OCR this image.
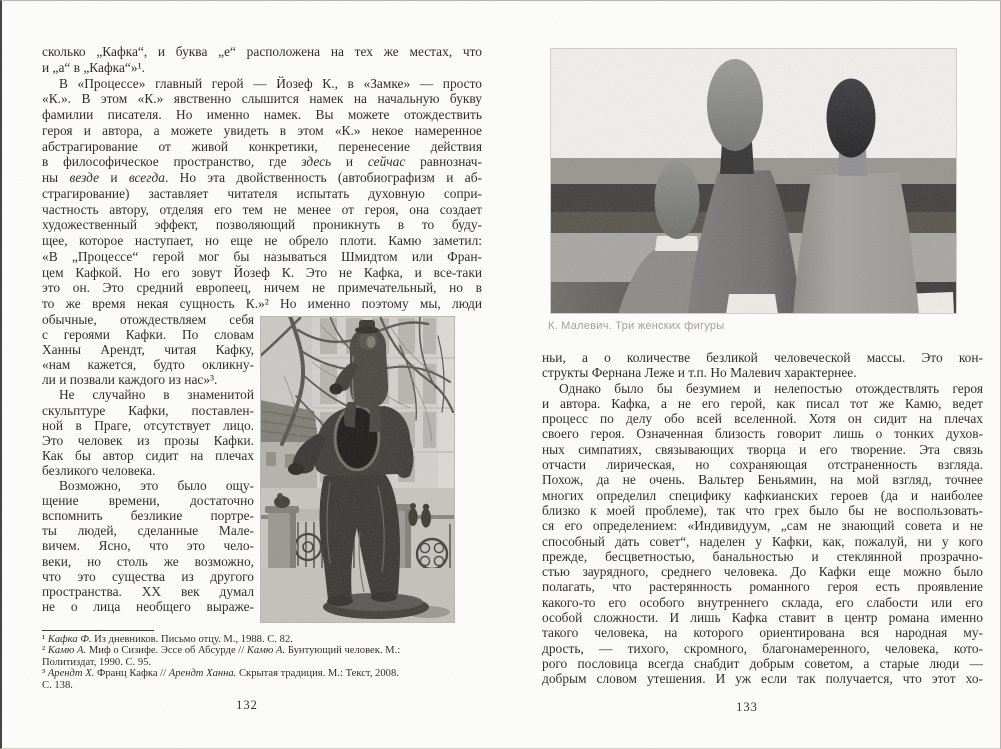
сколько „Кафка“, и буква „е“ расположена на тех же местах, что
и „а“ в „Кафка“»¹.
В «Процессе» главный герой — Йозеф К., в «Замке» — просто
«К.». В этом «К.» явственно слышится намек на начальную букву
фамилии писателя. Но именно намек. Вы можете отождествить
героя и автора, а можете увидеть в этом «К.» некое намеренное
абстрагирование от живой конкретики, перенесение действия
в философическое пространство, где здесь и сейчас равнознач-
ны везде и всегда. Но эта двойственность (автобиографизм и аб-
страгирование) заставляет читателя испытать духовную сопри-
частность автору, отделяя его тем не менее от героя, она создает
художественный эффект, позволяющий проникнуть в то буду-
щее, которое наступает, но еще не обрело плоти. Камю заметил:
«В „Процессе“ герой мог бы называться Шмидтом или Фран-
цем Кафкой. Но его зовут Йозеф К. Это не Кафка, и все-таки
это он. Это средний европеец, ничем не примечательный, но в
то же время некая сущность К.»² Но именно поэтому мы, люди
обычные, отождествляем себя
с героями Кафки. По словам
Ханны Арендт, читая Кафку,
«нам кажется, будто окликну-
ли и позвали каждого из нас»³.
Не случайно в знаменитой
скульптуре Кафки, поставлен-
ной в Праге, отсутствует лицо.
Это человек из прозы Кафки.
Как бы автор сидит на плечах
безликого человека.
Возможно, это было ощу-
щение времени, достаточно
вспомнить безликие портре-
ты людей, сделанные Мале-
вичем. Ясно, что это чело-
веки, но столь же возможно,
что это существа из другого
пространства. XX век думал
не о лица необщего выраже-
¹ Кафка Ф. Из дневников. Письмо отцу. М., 1988. С. 82.
² Камю А. Миф о Сизифе. Эссе об Абсурде // Камю А. Бунтующий человек. М.:
Политиздат, 1990. С. 95.
³ Арендт Х. Франц Кафка // Арендт Ханна. Скрытая традиция. М.: Текст, 2008.
С. 138.
132
К. Малевич. Три женских фигуры
ньи, а о количестве безликой человеческой массы. Это кон-
структы Фернана Леже и т.п. Но Малевич характернее.
Однако было бы безумием и нелепостью отождествлять героя
и автора. Кафка, а не его герой, как писал тот же Камю, ведет
процесс по делу обо всей вселенной. Хотя он сидит на плечах
своего героя. Означенная близость говорит лишь о тонких духов-
ных симпатиях, связывающих творца и его творение. Эта связь
отчасти лирическая, но сохраняющая отстраненность взгляда.
Похож, да не очень. Вальтер Беньямин, на мой взгляд, точнее
многих определил специфику кафкианских героев (да и наиболее
близко к моей проблеме), так что грех было бы не воспользовать-
ся его определением: «Индивидуум, „сам не знающий совета и не
способный дать совет“, наделен у Кафки, как, пожалуй, ни у кого
прежде, бесцветностью, банальностью и стеклянной прозрачно-
стью заурядного, среднего человека. До Кафки еще можно было
полагать, что растерянность романного героя есть проявление
какого-то его особого внутреннего склада, его слабости или его
особой сложности. И лишь Кафка ставит в центр романа именно
такого человека, на которого ориентирована вся народная му-
дрость, — тихого, скромного, благонамеренного, человека, кото-
рого пословица всегда снабдит добрым советом, а старые люди —
добрым словом утешения. И уж если так получается, что этот хо-
133
